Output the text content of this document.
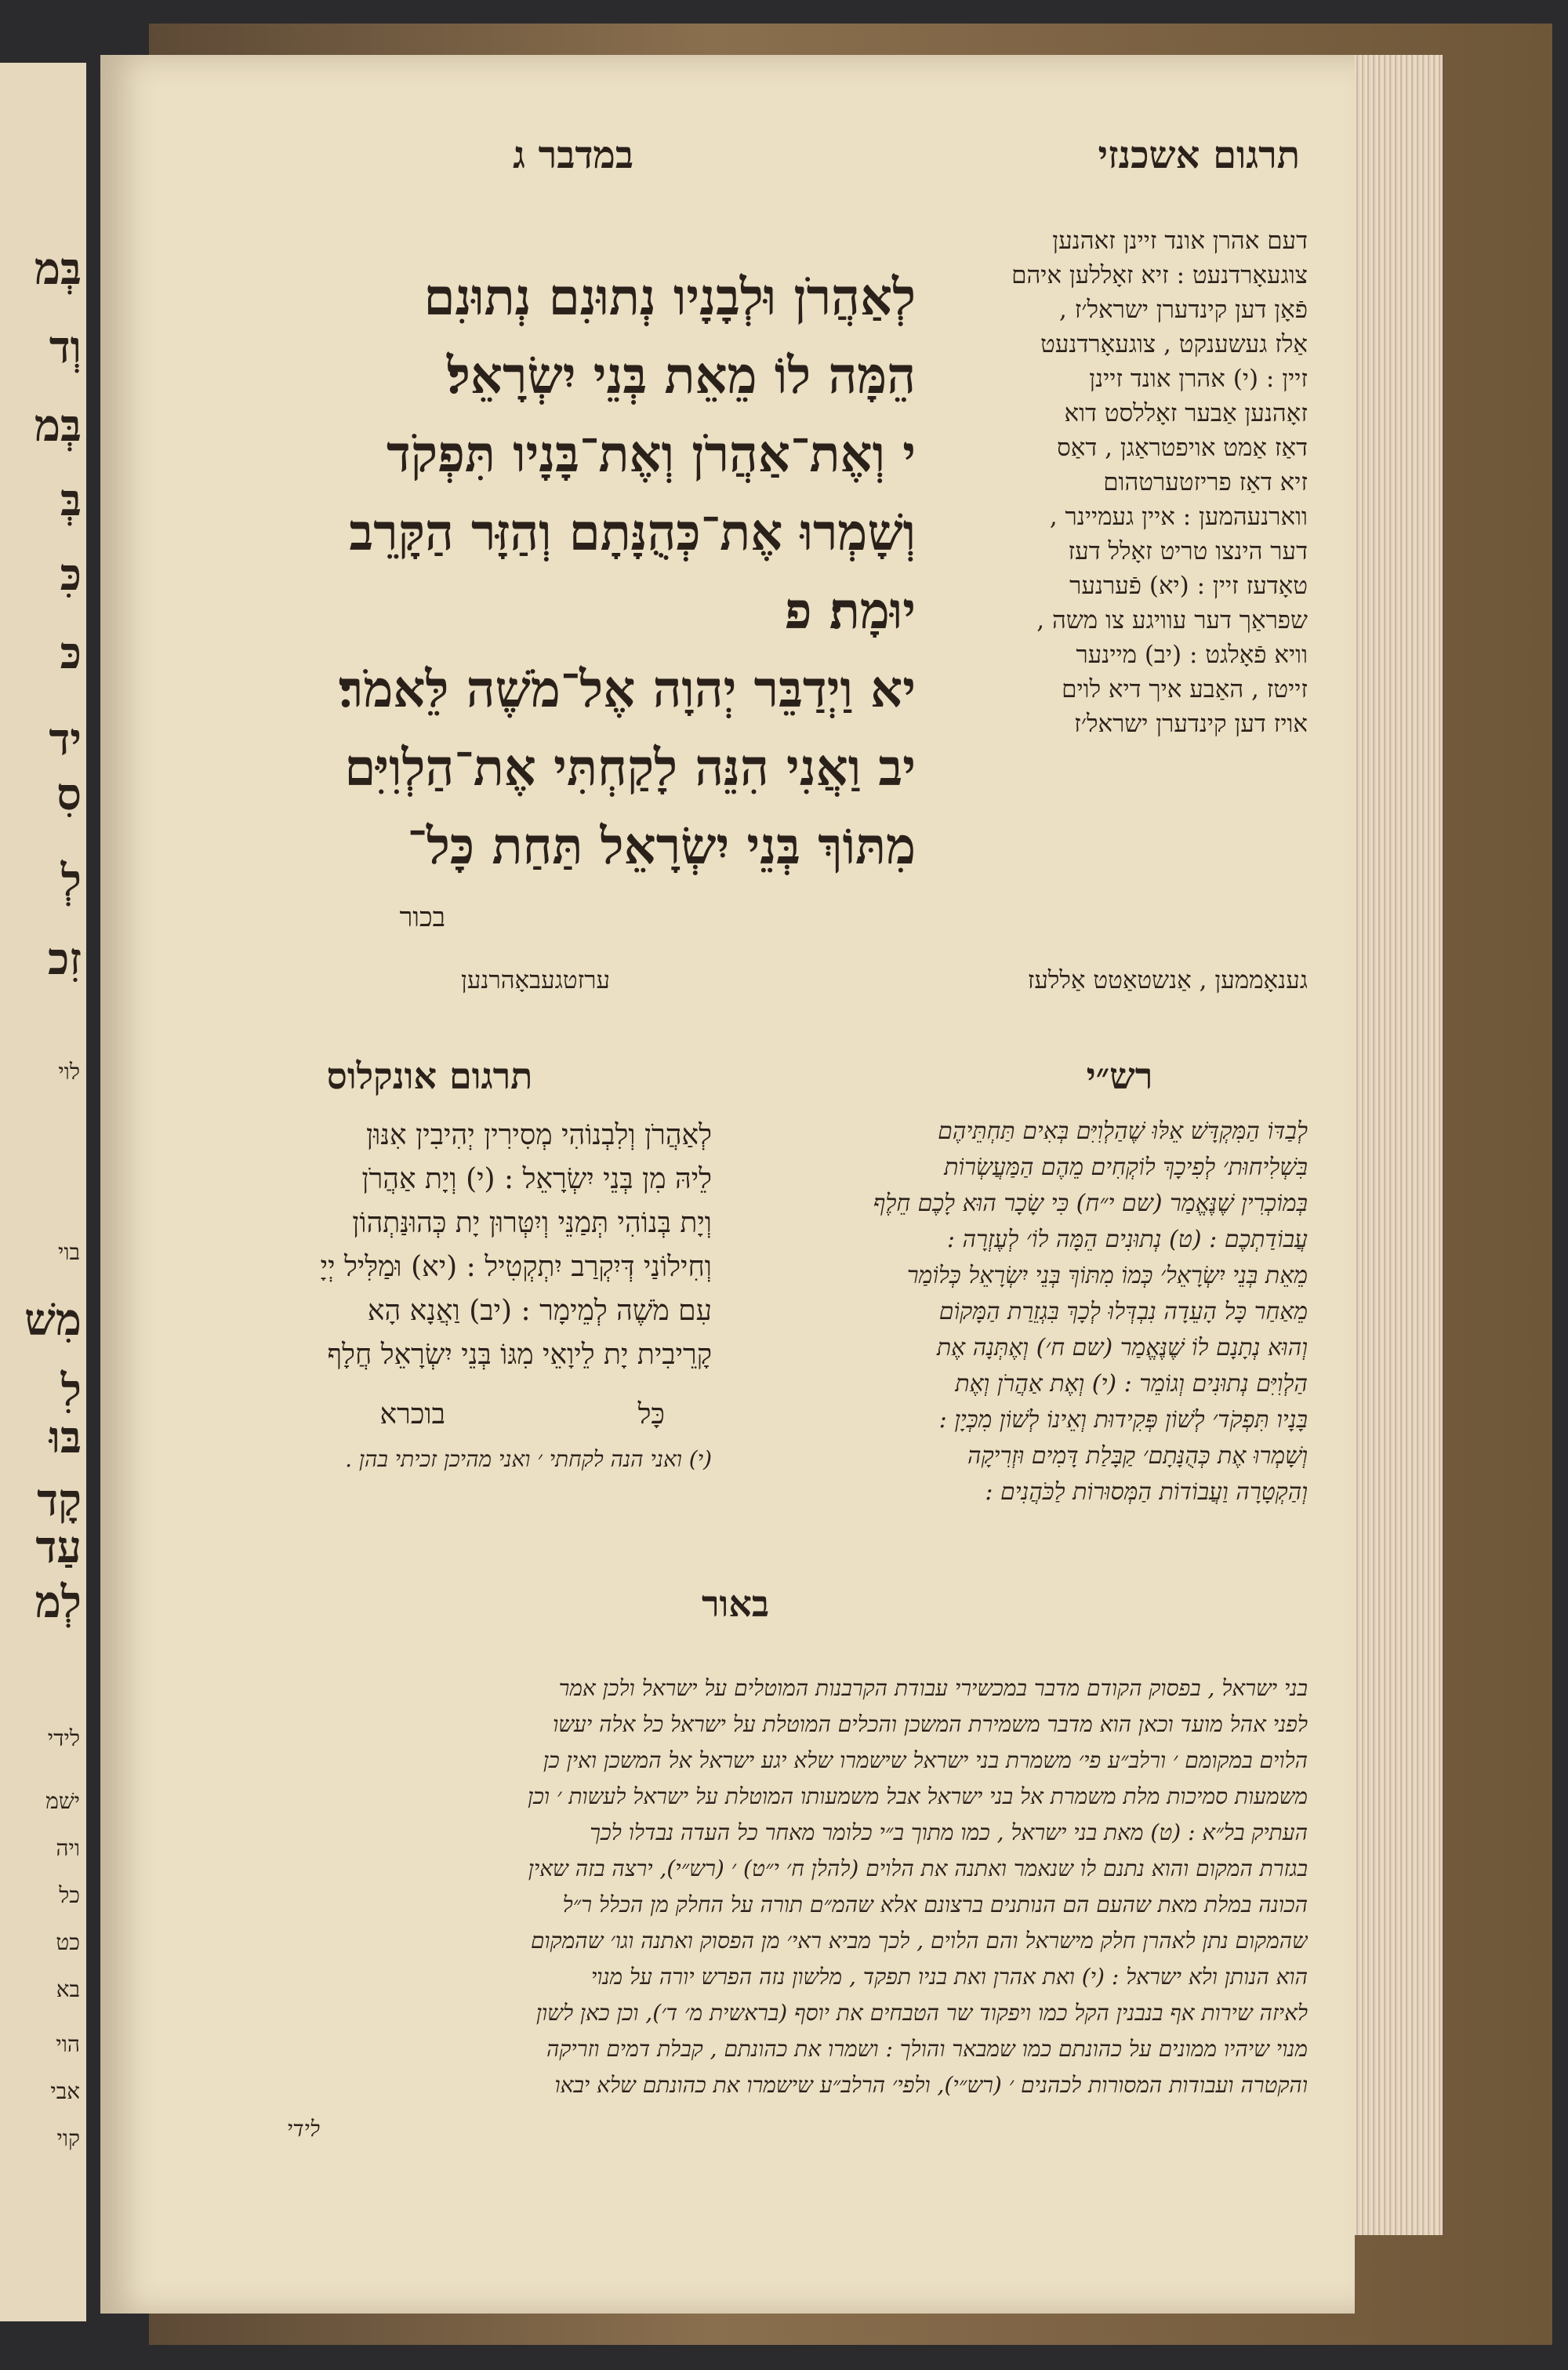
בְּמ
וְד
בְּמ
בְּ
כִּ
כּ
יד
סִ
לְ
זִכ
לוי
בוי
מִשׁ
לִ
בּוּ
קָד
עַד
לְמ
לידי
ישׁמ
ויה
כל
כט
בא
הוי
אבי
קוי
תרגום אשכנזי
במדבר ג
דעם אהרן אונד זיינן זאהנען
צוגעאָרדנעט : זיא זאָללען איהם
פֿאָן דען קינדערן ישראל׳ז ,
אַלז געשענקט , צוגעאָרדנעט
זיין : (י) אהרן אונד זיינן
זאָהנען אַבער זאָללסט דוא
דאַז אַמט אויפטראַגן , דאַס
זיא דאַז פריזטערטהום
ווארנעהמען : איין געמיינר ,
דער הינצו טריט זאָלל דעז
טאָדעז זיין : (יא) פֿערנער
שפראַך דער עוויגע צו משה ,
וויא פֿאָלגט : (יב) מיינער
זייטז , האַבע איך דיא לוים
אויז דען קינדערן ישראל׳ז
גענאָממען , אַנשטאַטט אַללעז
ערזטגעבאָהרנען
לְאַהֲרֹן וּלְבָנָיו נְתוּנִם נְתוּנִם
הֵמָּה לוֹ מֵאֵת בְּנֵי יִשְׂרָאֵל׃
י וְאֶת־אַהֲרֹן וְאֶת־בָּנָיו תִּפְקֹד
וְשָׁמְרוּ אֶת־כְּהֻנָּתָם וְהַזָּר הַקָּרֵב
יוּמָת׃ פ
יא וַיְדַבֵּר יְהוָה אֶל־מֹשֶׁה לֵּאמֹר׃
יב וַאֲנִי הִנֵּה לָקַחְתִּי אֶת־הַלְוִיִּם
מִתּוֹךְ בְּנֵי יִשְׂרָאֵל תַּחַת כָּל־
בכור
רש״י
לְבַדּוֹ הַמִּקְדָּשׁ אֵלּוּ שֶׁהַלְוִיִּם בְּאִים תַּחְתֵּיהֶם
בִּשְׁלִיחוּת׳ לְפִיכָךְ לוֹקְחִים מֵהֶם הַמַּעֲשְׂרוֹת
בְּמוֹכְרִין שֶׁנֶּאֱמַר (שם י״ח) כִּי שָׂכָר הוּא לָכֶם חֵלֶף
עֲבוֹדַתְכֶם : (ט) נְתוּנִים הֵמָּה לוֹ׳ לְעֶזְרָה :
מֵאֵת בְּנֵי יִשְׂרָאֵל׳ כְּמוֹ מִתּוֹךְ בְּנֵי יִשְׂרָאֵל כְּלוֹמַר
מֵאַחַר כָּל הָעֵדָה נִבְדְּלוּ לְכָךְ בִּגְזֵרַת הַמָּקוֹם
וְהוּא נְתָנָם לוֹ שֶׁנֶּאֱמַר (שם ח׳) וְאֶתְּנָה אֶת
הַלְוִיִּם נְתוּנִים וְגוֹמֵר : (י) וְאֶת אַהֲרֹן וְאֶת
בָּנָיו תִּפְקֹד׳ לְשׁוֹן פְּקִידוּת וְאֵינוֹ לְשׁוֹן מִכְּיָן :
וְשָׁמְרוּ אֶת כְּהֻנָּתָם׳ קַבָּלַת דָּמִים וּזְרִיקָה
וְהַקְטָרָה וַעֲבוֹדוֹת הַמְּסוּרוֹת לַכֹּהֲנִים :
תרגום אונקלוס
לְאַהֲרֹן וְלִבְנוֹהִי מְסִירִין יְהִיבִין אִנּוּן
לֵיהּ מִן בְּנֵי יִשְׂרָאֵל : (י) וְיָת אַהֲרֹן
וְיָת בְּנוֹהִי תְּמַנֵּי וְיִטְּרוּן יָת כְּהוּנַּתְהוֹן
וְחִילוֹנַי דְּיִקְרַב יִתְקְטִיל : (יא) וּמַלִּיל יְיָ
עִם מֹשֶׁה לְמֵימָר : (יב) וַאֲנָא הָא
קָרֵיבִית יָת לֵיוָאֵי מִגּוֹ בְּנֵי יִשְׂרָאֵל חֲלָף
כָּל
בוכרא
(י) ואני הנה לקחתי ׳ ואני מהיכן זכיתי בהן .
באור
בני ישראל , בפסוק הקודם מדבר במכשירי עבודת הקרבנות המוטלים על ישראל ולכן אמר
לפני אהל מועד וכאן הוא מדבר משמירת המשכן והכלים המוטלת על ישראל כל אלה יעשו
הלוים במקומם ׳ ורלב״ע פי׳ משמרת בני ישראל שישמרו שלא יגע ישראל אל המשכן ואין כן
משמעות סמיכות מלת משמרת אל בני ישראל אבל משמעותו המוטלת על ישראל לעשות ׳ וכן
העתיק בל״א : (ט) מאת בני ישראל , כמו מתוך ב״י כלומר מאחר כל העדה נבדלו לכך
בגזרת המקום והוא נתנם לו שנאמר ואתנה את הלוים (להלן ח׳ י״ט) ׳ (רש״י), ירצה בזה שאין
הכונה במלת מאת שהעם הם הנותנים ברצונם אלא שהמ״ם תורה על החלק מן הכלל ר״ל
שהמקום נתן לאהרן חלק מישראל והם הלוים , לכך מביא ראי׳ מן הפסוק ואתנה וגו׳ שהמקום
הוא הנותן ולא ישראל : (י) ואת אהרן ואת בניו תפקד , מלשון נזה הפרש יורה על מנוי
לאיזה שירות אף בנבנין הקל כמו ויפקוד שר הטבחים את יוסף (בראשית מ׳ ד׳), וכן כאן לשון
מנוי שיהיו ממונים על כהונתם כמו שמבאר והולך : ושמרו את כהונתם , קבלת דמים וזריקה
והקטרה ועבודות המסורות לכהנים ׳ (רש״י), ולפי׳ הרלב״ע שישמרו את כהונתם שלא יבאו
לידי
